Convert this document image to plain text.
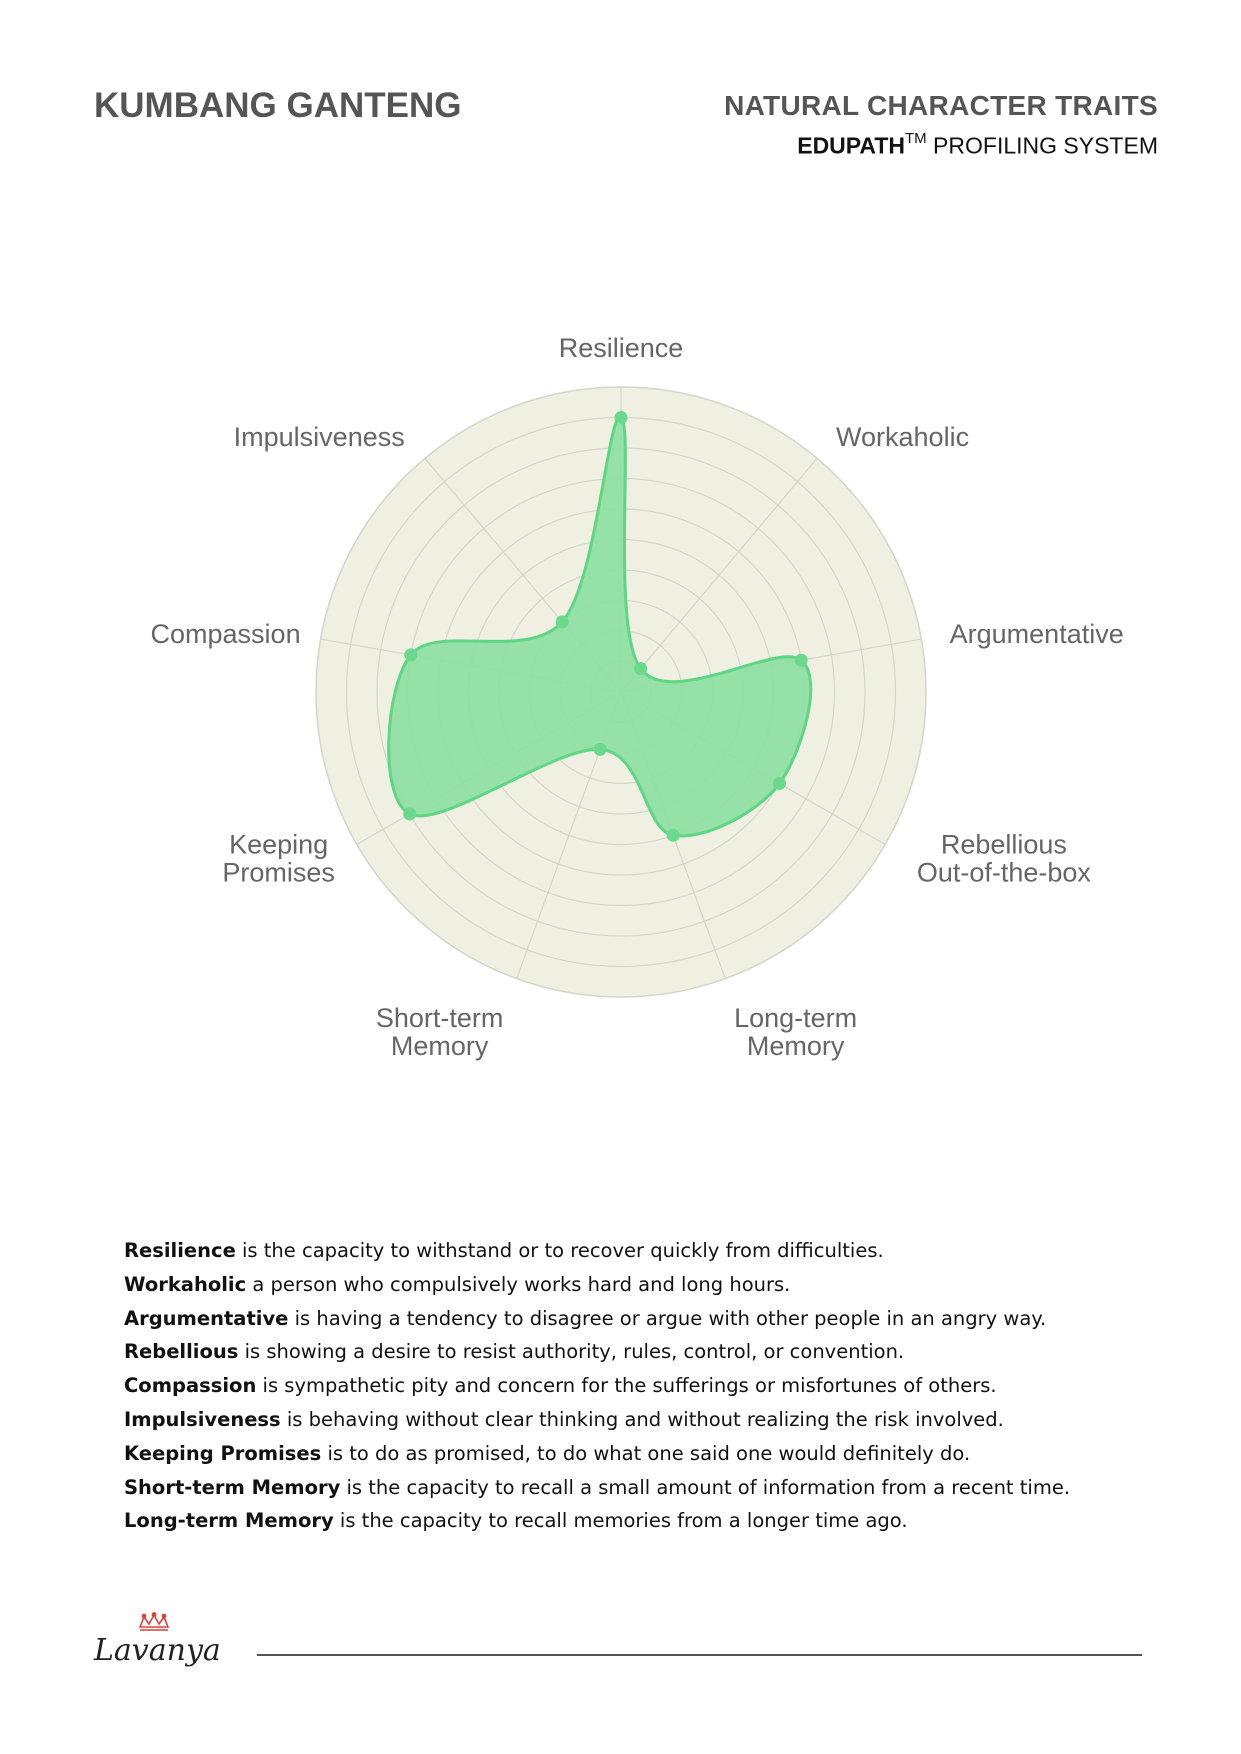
KUMBANG GANTENG	NATURAL CHARACTER TRAITS
EDUPATH™ PROFILING SYSTEM
Resilience
Workaholic
Argumentative
Rebellious Out-of-the-box
Long-term Memory
Short-term Memory
Keeping Promises
Compassion
Impulsiveness
Resilience is the capacity to withstand or to recover quickly from difficulties.
Workaholic a person who compulsively works hard and long hours.
Argumentative is having a tendency to disagree or argue with other people in an angry way.
Rebellious is showing a desire to resist authority, rules, control, or convention.
Compassion is sympathetic pity and concern for the sufferings or misfortunes of others.
Impulsiveness is behaving without clear thinking and without realizing the risk involved.
Keeping Promises is to do as promised, to do what one said one would definitely do.
Short-term Memory is the capacity to recall a small amount of information from a recent time.
Long-term Memory is the capacity to recall memories from a longer time ago.
Lavanya
